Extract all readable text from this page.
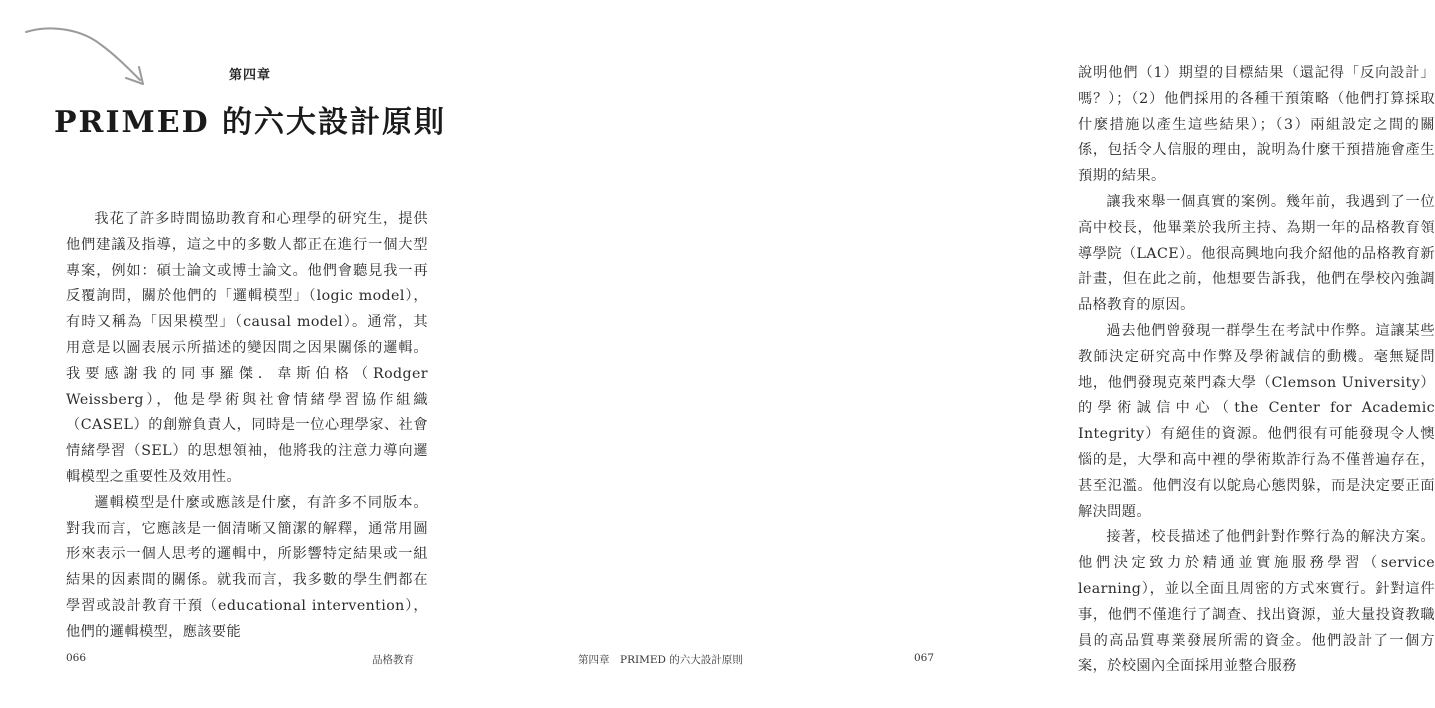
第四章
PRIMED 的六大設計原則

我花了許多時間協助教育和心理學的研究生，提供他們建議及指導，這之中的多數人都正在進行一個大型專案，例如：碩士論文或博士論文。他們會聽見我一再反覆詢問，關於他們的「邏輯模型」（logic model），有時又稱為「因果模型」（causal model）。通常，其用意是以圖表展示所描述的變因間之因果關係的邏輯。我要感謝我的同事羅傑．韋斯伯格（Rodger Weissberg），他是學術與社會情緒學習協作組織（CASEL）的創辦負責人，同時是一位心理學家、社會情緒學習（SEL）的思想領袖，他將我的注意力導向邏輯模型之重要性及效用性。

邏輯模型是什麼或應該是什麼，有許多不同版本。對我而言，它應該是一個清晰又簡潔的解釋，通常用圖形來表示一個人思考的邏輯中，所影響特定結果或一組結果的因素間的關係。就我而言，我多數的學生們都在學習或設計教育干預（educational intervention），他們的邏輯模型，應該要能

066	品格教育

說明他們（1）期望的目標結果（還記得「反向設計」嗎？）；（2）他們採用的各種干預策略（他們打算採取什麼措施以產生這些結果）；（3）兩組設定之間的關係，包括令人信服的理由，說明為什麼干預措施會產生預期的結果。

讓我來舉一個真實的案例。幾年前，我遇到了一位高中校長，他畢業於我所主持、為期一年的品格教育領導學院（LACE）。他很高興地向我介紹他的品格教育新計畫，但在此之前，他想要告訴我，他們在學校內強調品格教育的原因。

過去他們曾發現一群學生在考試中作弊。這讓某些教師決定研究高中作弊及學術誠信的動機。毫無疑問地，他們發現克萊門森大學（Clemson University）的學術誠信中心（the Center for Academic Integrity）有絕佳的資源。他們很有可能發現令人懊惱的是，大學和高中裡的學術欺詐行為不僅普遍存在，甚至氾濫。他們沒有以鴕鳥心態閃躲，而是決定要正面解決問題。

接著，校長描述了他們針對作弊行為的解決方案。他們決定致力於精通並實施服務學習（service learning），並以全面且周密的方式來實行。針對這件事，他們不僅進行了調查、找出資源，並大量投資教職員的高品質專業發展所需的資金。他們設計了一個方案，於校園內全面採用並整合服務

第四章　PRIMED 的六大設計原則	067
